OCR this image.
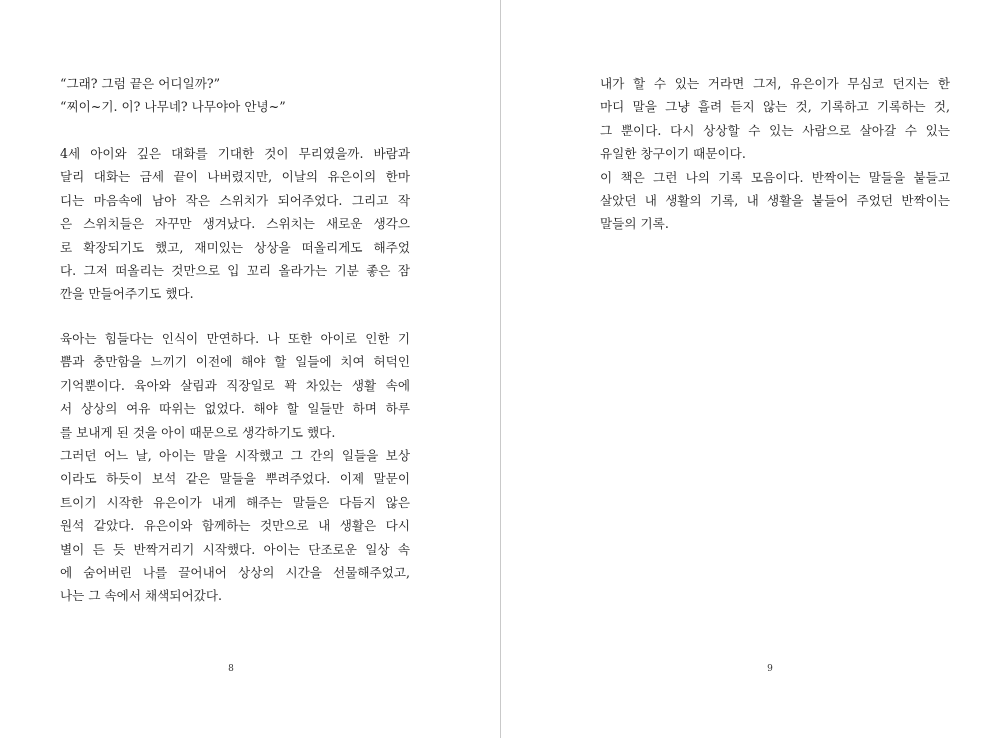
“그래? 그럼 끝은 어디일까?”
“찌이~기. 이? 나무네? 나무야아 안녕~”
4세 아이와 깊은 대화를 기대한 것이 무리였을까. 바람과
달리 대화는 금세 끝이 나버렸지만, 이날의 유은이의 한마
디는 마음속에 남아 작은 스위치가 되어주었다. 그리고 작
은 스위치들은 자꾸만 생겨났다. 스위치는 새로운 생각으
로 확장되기도 했고, 재미있는 상상을 떠올리게도 해주었
다. 그저 떠올리는 것만으로 입 꼬리 올라가는 기분 좋은 잠
깐을 만들어주기도 했다.
육아는 힘들다는 인식이 만연하다. 나 또한 아이로 인한 기
쁨과 충만함을 느끼기 이전에 해야 할 일들에 치여 허덕인
기억뿐이다. 육아와 살림과 직장일로 꽉 차있는 생활 속에
서 상상의 여유 따위는 없었다. 해야 할 일들만 하며 하루
를 보내게 된 것을 아이 때문으로 생각하기도 했다.
그러던 어느 날, 아이는 말을 시작했고 그 간의 일들을 보상
이라도 하듯이 보석 같은 말들을 뿌려주었다. 이제 말문이
트이기 시작한 유은이가 내게 해주는 말들은 다듬지 않은
원석 같았다. 유은이와 함께하는 것만으로 내 생활은 다시
별이 든 듯 반짝거리기 시작했다. 아이는 단조로운 일상 속
에 숨어버린 나를 끌어내어 상상의 시간을 선물해주었고,
나는 그 속에서 채색되어갔다.
8
내가 할 수 있는 거라면 그저, 유은이가 무심코 던지는 한
마디 말을 그냥 흘려 듣지 않는 것, 기록하고 기록하는 것,
그 뿐이다. 다시 상상할 수 있는 사람으로 살아갈 수 있는
유일한 창구이기 때문이다.
이 책은 그런 나의 기록 모음이다. 반짝이는 말들을 붙들고
살았던 내 생활의 기록, 내 생활을 붙들어 주었던 반짝이는
말들의 기록.
9
